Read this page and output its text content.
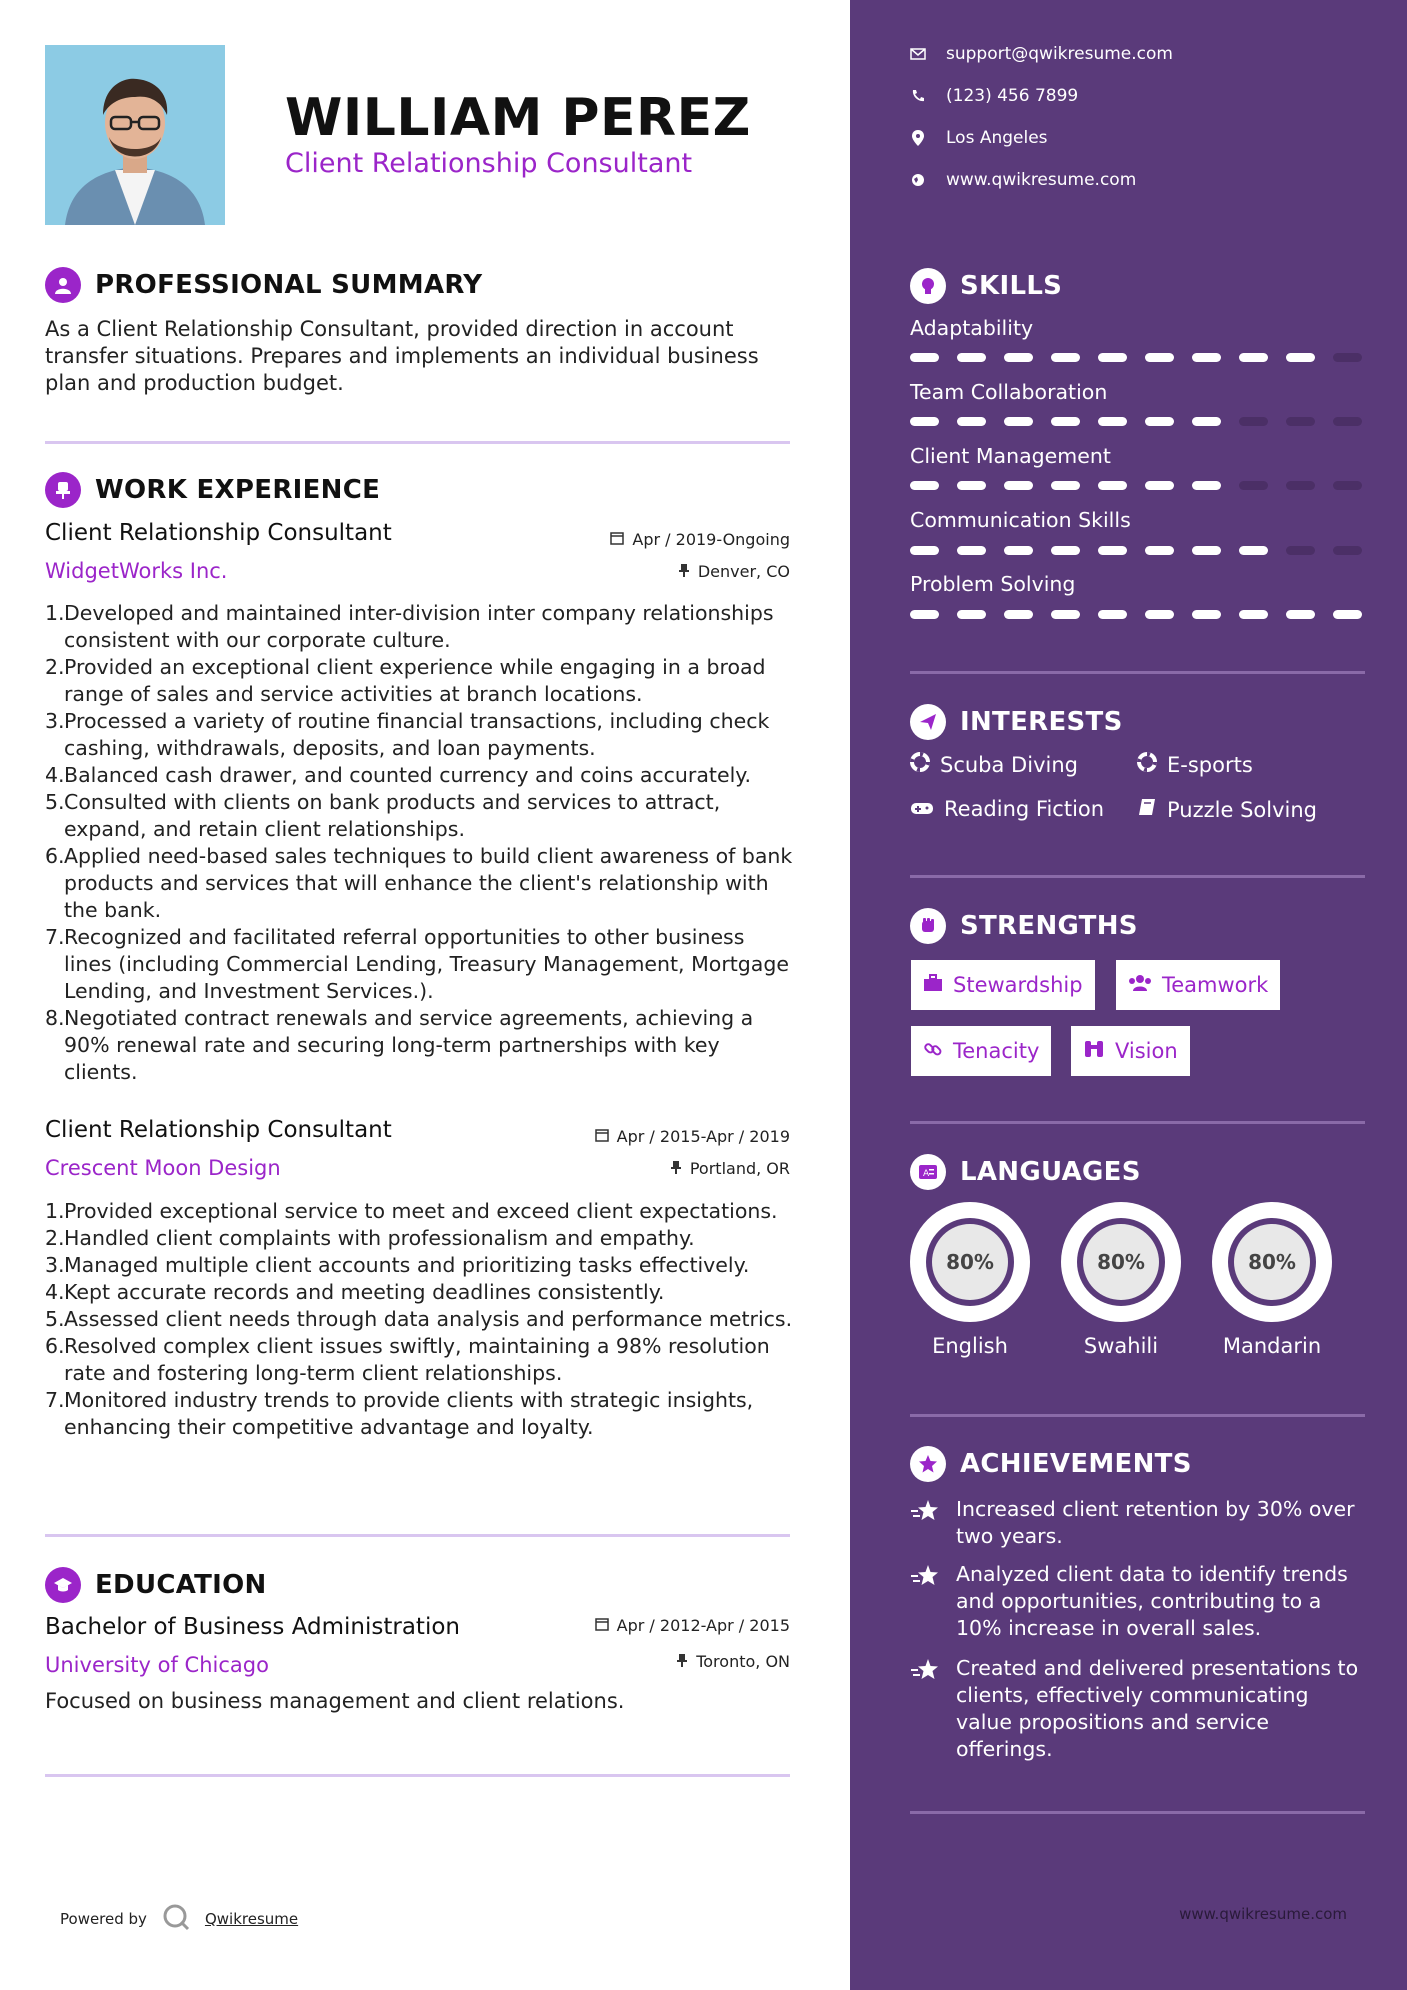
WILLIAM PEREZ
Client Relationship Consultant
PROFESSIONAL SUMMARY
As a Client Relationship Consultant, provided direction in account transfer situations. Prepares and implements an individual business plan and production budget.
WORK EXPERIENCE
Client Relationship Consultant
WidgetWorks Inc.
Apr / 2019-Ongoing
Denver, CO
1. Developed and maintained inter-division inter company relationships consistent with our corporate culture.
2. Provided an exceptional client experience while engaging in a broad range of sales and service activities at branch locations.
3. Processed a variety of routine financial transactions, including check cashing, withdrawals, deposits, and loan payments.
4. Balanced cash drawer, and counted currency and coins accurately.
5. Consulted with clients on bank products and services to attract, expand, and retain client relationships.
6. Applied need-based sales techniques to build client awareness of bank products and services that will enhance the client's relationship with the bank.
7. Recognized and facilitated referral opportunities to other business lines (including Commercial Lending, Treasury Management, Mortgage Lending, and Investment Services.).
8. Negotiated contract renewals and service agreements, achieving a 90% renewal rate and securing long-term partnerships with key clients.
Client Relationship Consultant
Crescent Moon Design
Apr / 2015-Apr / 2019
Portland, OR
1. Provided exceptional service to meet and exceed client expectations.
2. Handled client complaints with professionalism and empathy.
3. Managed multiple client accounts and prioritizing tasks effectively.
4. Kept accurate records and meeting deadlines consistently.
5. Assessed client needs through data analysis and performance metrics.
6. Resolved complex client issues swiftly, maintaining a 98% resolution rate and fostering long-term client relationships.
7. Monitored industry trends to provide clients with strategic insights, enhancing their competitive advantage and loyalty.
EDUCATION
Bachelor of Business Administration
University of Chicago
Apr / 2012-Apr / 2015
Toronto, ON
Focused on business management and client relations.
Powered by	Qwikresume
support@qwikresume.com
(123) 456 7899
Los Angeles
www.qwikresume.com
SKILLS
Adaptability
Team Collaboration
Client Management
Communication Skills
Problem Solving
INTERESTS
Scuba Diving	E-sports
Reading Fiction	Puzzle Solving
STRENGTHS
Stewardship	Teamwork
Tenacity	Vision
A LANGUAGES
80%
English
80%
Swahili
80%
Mandarin
ACHIEVEMENTS
Increased client retention by 30% over two years.
Analyzed client data to identify trends and opportunities, contributing to a 10% increase in overall sales.
Created and delivered presentations to clients, effectively communicating value propositions and service offerings.
www.qwikresume.com
